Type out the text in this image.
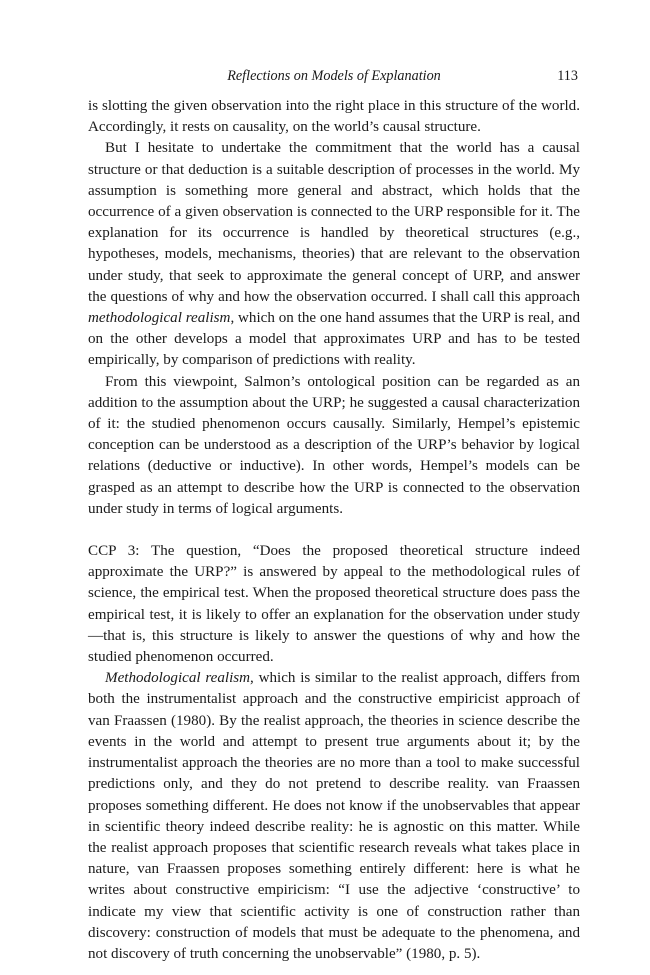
Reflections on Models of Explanation	113

is slotting the given observation into the right place in this structure of the world. Accordingly, it rests on causality, on the world’s causal structure.

But I hesitate to undertake the commitment that the world has a causal structure or that deduction is a suitable description of processes in the world. My assumption is something more general and abstract, which holds that the occurrence of a given observation is connected to the URP responsible for it. The explanation for its occurrence is handled by theoretical structures (e.g., hypotheses, models, mechanisms, theories) that are relevant to the observation under study, that seek to approximate the general concept of URP, and answer the questions of why and how the observation occurred. I shall call this approach methodological realism, which on the one hand assumes that the URP is real, and on the other develops a model that approximates URP and has to be tested empirically, by comparison of predictions with reality.

From this viewpoint, Salmon’s ontological position can be regarded as an addition to the assumption about the URP; he suggested a causal characterization of it: the studied phenomenon occurs causally. Similarly, Hempel’s epistemic conception can be understood as a description of the URP’s behavior by logical relations (deductive or inductive). In other words, Hempel’s models can be grasped as an attempt to describe how the URP is connected to the observation under study in terms of logical arguments.

CCP 3: The question, “Does the proposed theoretical structure indeed approximate the URP?” is answered by appeal to the methodological rules of science, the empirical test. When the proposed theoretical structure does pass the empirical test, it is likely to offer an explanation for the observation under study—that is, this structure is likely to answer the questions of why and how the studied phenomenon occurred.

Methodological realism, which is similar to the realist approach, differs from both the instrumentalist approach and the constructive empiricist approach of van Fraassen (1980). By the realist approach, the theories in science describe the events in the world and attempt to present true arguments about it; by the instrumentalist approach the theories are no more than a tool to make successful predictions only, and they do not pretend to describe reality. van Fraassen proposes something different. He does not know if the unobservables that appear in scientific theory indeed describe reality: he is agnostic on this matter. While the realist approach proposes that scientific research reveals what takes place in nature, van Fraassen proposes something entirely different: here is what he writes about constructive empiricism: “I use the adjective ‘constructive’ to indicate my view that scientific activity is one of construction rather than discovery: construction of models that must be adequate to the phenomena, and not discovery of truth concerning the unobservable” (1980, p. 5).
